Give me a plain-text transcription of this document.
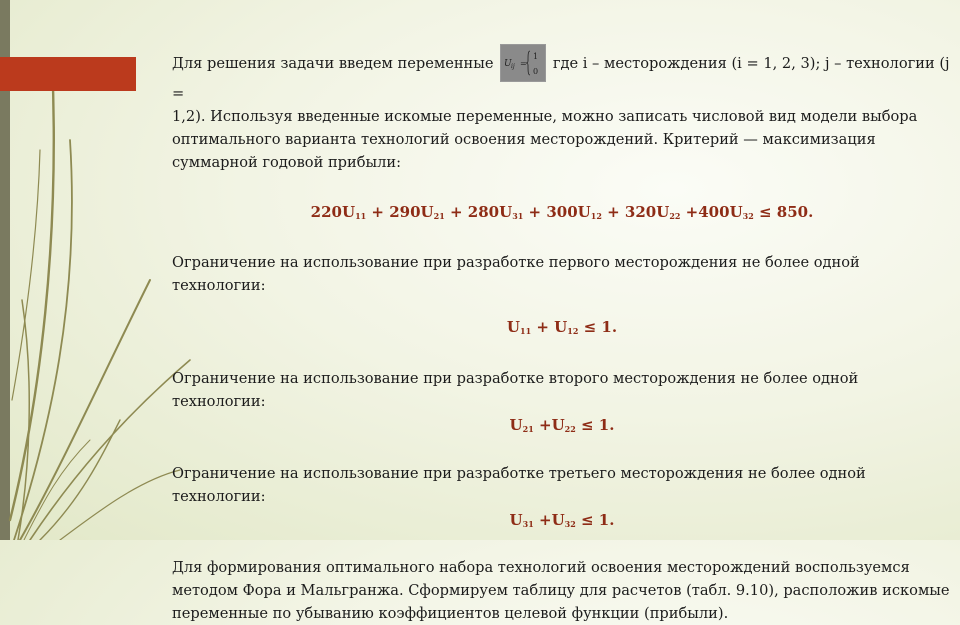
Для решения задачи введем переменные U ij =
1
0 где i – месторождения (i = 1, 2, 3); j – технологии (j =
1,2). Используя введенные искомые переменные, можно записать числовой вид модели выбора
оптимального варианта технологий освоения месторождений. Критерий — максимизация
суммарной годовой прибыли:

$220U_{11} + 290U_{21} + 280U_{31} + 300U_{12} + 320U_{22} +400U_{32} \le 850$.

Ограничение на использование при разработке первого месторождения не более одной технологии:

$U_{11} + U_{12} \le 1$.

Ограничение на использование при разработке второго месторождения не более одной технологии:

$U_{21} +U_{22} \le 1$.

Ограничение на использование при разработке третьего месторождения не более одной технологии:

$U_{31} +U_{32} \le 1$.

Для формирования оптимального набора технологий освоения месторождений воспользуемся
методом Фора и Мальгранжа. Сформируем таблицу для расчетов (табл. 9.10), расположив искомые
переменные по убыванию коэффициентов целевой функции (прибыли).
